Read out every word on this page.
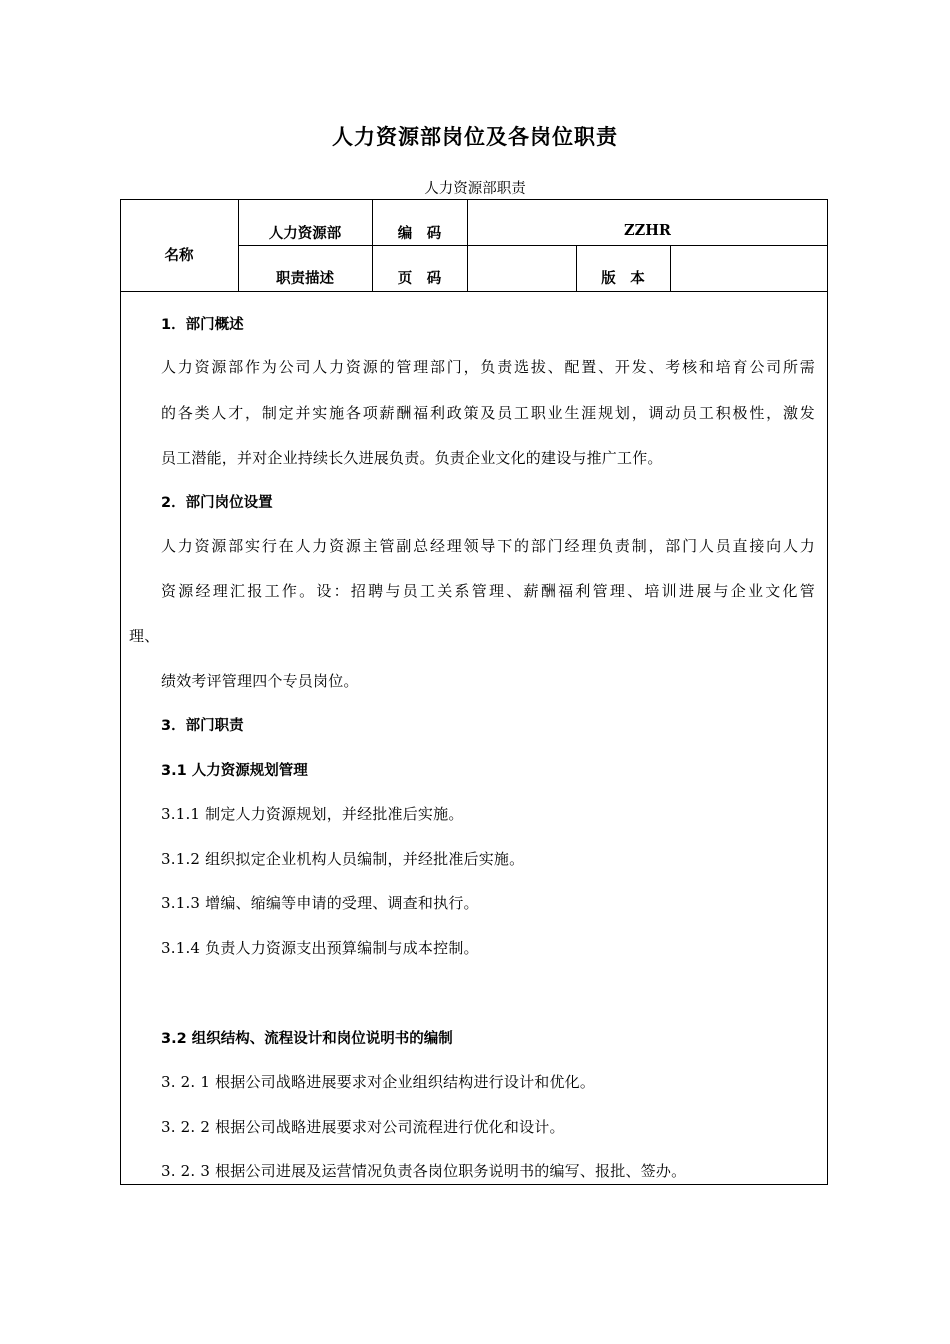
人力资源部岗位及各岗位职责
人力资源部职责
名称
人力资源部
职责描述
编　码	ZZHR
页　码	版　本
1．部门概述
人力资源部作为公司人力资源的管理部门，负责选拔、配置、开发、考核和培育公司所需
的各类人才，制定并实施各项薪酬福利政策及员工职业生涯规划，调动员工积极性，激发
员工潜能，并对企业持续长久进展负责。负责企业文化的建设与推广工作。
2．部门岗位设置
人力资源部实行在人力资源主管副总经理领导下的部门经理负责制，部门人员直接向人力
资源经理汇报工作。设：招聘与员工关系管理、薪酬福利管理、培训进展与企业文化管
理、
绩效考评管理四个专员岗位。
3．部门职责
3.1 人力资源规划管理
3.1.1 制定人力资源规划，并经批准后实施。
3.1.2 组织拟定企业机构人员编制，并经批准后实施。
3.1.3 增编、缩编等申请的受理、调查和执行。
3.1.4 负责人力资源支出预算编制与成本控制。
3.2 组织结构、流程设计和岗位说明书的编制
3. 2. 1 根据公司战略进展要求对企业组织结构进行设计和优化。
3. 2. 2 根据公司战略进展要求对公司流程进行优化和设计。
3. 2. 3 根据公司进展及运营情况负责各岗位职务说明书的编写、报批、签办。
